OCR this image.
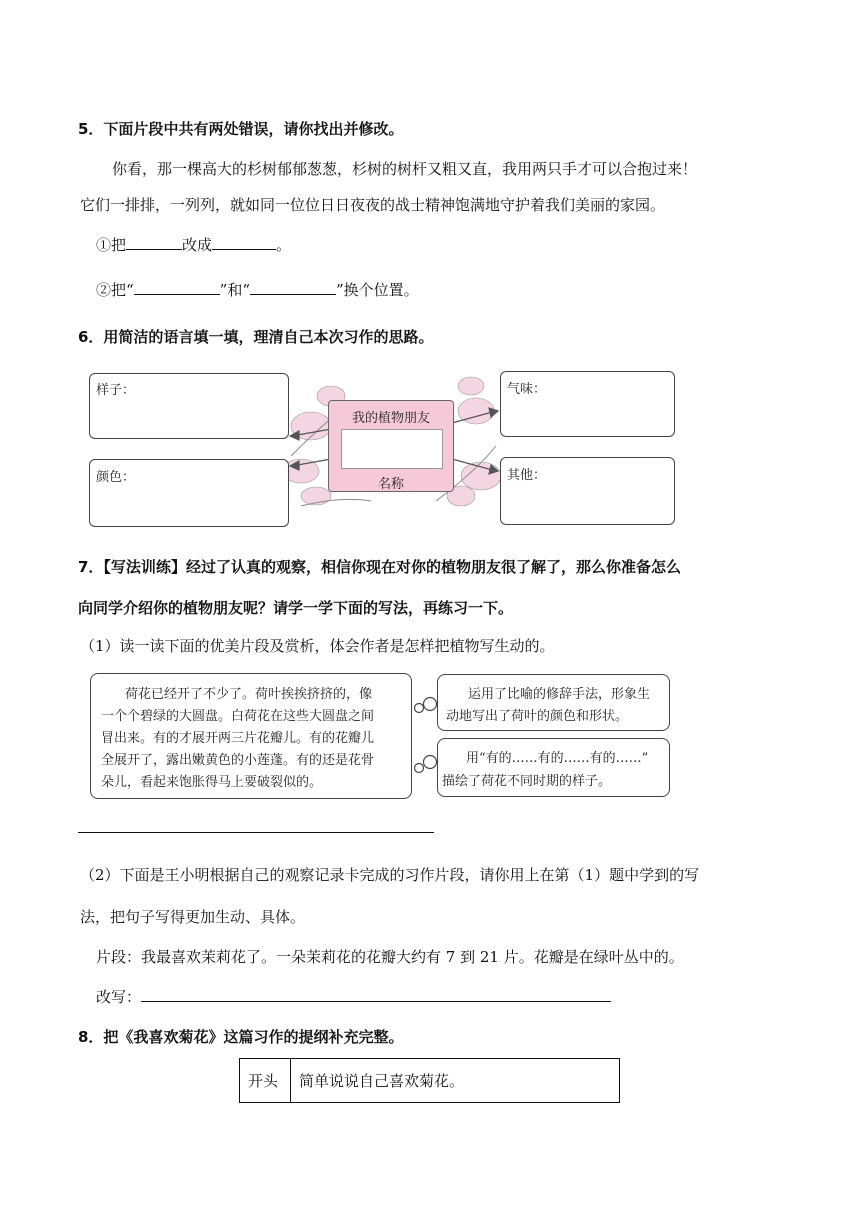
5．下面片段中共有两处错误，请你找出并修改。
你看，那一棵高大的杉树郁郁葱葱，杉树的树杆又粗又直，我用两只手才可以合抱过来！
它们一排排，一列列，就如同一位位日日夜夜的战士精神饱满地守护着我们美丽的家园。
①把	改成	。
②把“	”和“	”换个位置。
6．用简洁的语言填一填，理清自己本次习作的思路。
样子：
颜色：
气味：
其他：
我的植物朋友
名称
7．【写法训练】经过了认真的观察，相信你现在对你的植物朋友很了解了，那么你准备怎么
向同学介绍你的植物朋友呢？请学一学下面的写法，再练习一下。
（1）读一读下面的优美片段及赏析，体会作者是怎样把植物写生动的。
荷花已经开了不少了。荷叶挨挨挤挤的，像
一个个碧绿的大圆盘。白荷花在这些大圆盘之间
冒出来。有的才展开两三片花瓣儿。有的花瓣儿
全展开了，露出嫩黄色的小莲蓬。有的还是花骨
朵儿，看起来饱胀得马上要破裂似的。
运用了比喻的修辞手法，形象生
动地写出了荷叶的颜色和形状。
用“有的……有的……有的……”
描绘了荷花不同时期的样子。
（2）下面是王小明根据自己的观察记录卡完成的习作片段，请你用上在第（1）题中学到的写
法，把句子写得更加生动、具体。
片段：我最喜欢茉莉花了。一朵茉莉花的花瓣大约有 7 到 21 片。花瓣是在绿叶丛中的。
改写：
8．把《我喜欢菊花》这篇习作的提纲补充完整。
开头	简单说说自己喜欢菊花。
